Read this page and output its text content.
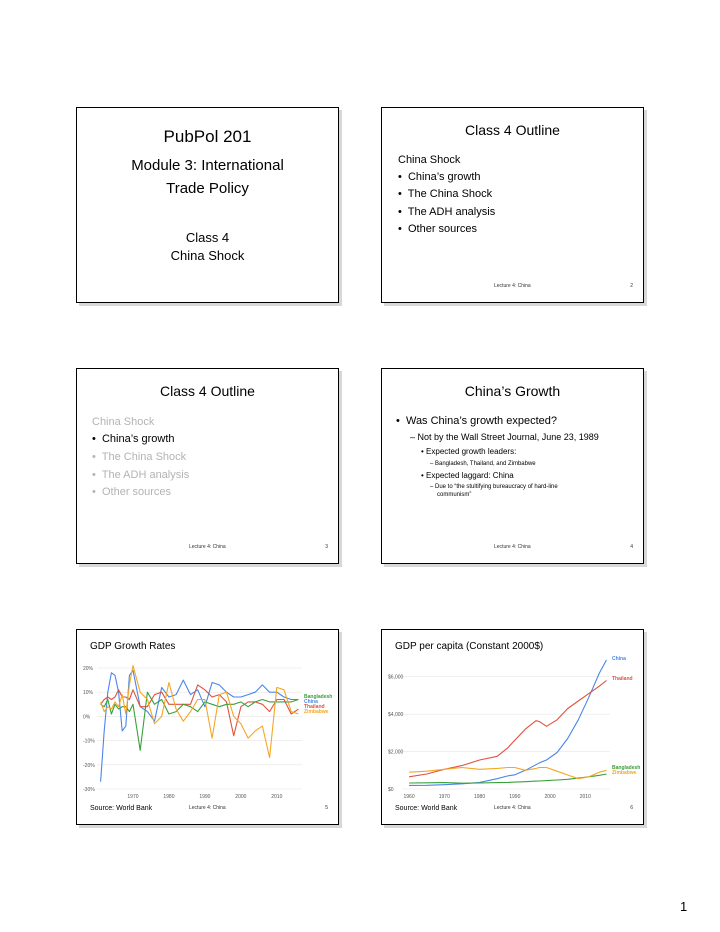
PubPol 201
Module 3: International
Trade Policy
Class 4
China Shock
Class 4 Outline
China Shock
•  China’s growth
•  The China Shock
•  The ADH analysis
•  Other sources
Lecture 4: China	2
Class 4 Outline
China Shock
•  China’s growth
•  The China Shock
•  The ADH analysis
•  Other sources
Lecture 4: China	3
China’s Growth
•  Was China’s growth expected?
– Not by the Wall Street Journal, June 23, 1989
• Expected growth leaders:
– Bangladesh, Thailand, and Zimbabwe
• Expected laggard: China
– Due to “the stultifying bureaucracy of hard-line
communism”
Lecture 4: China	4
GDP Growth Rates
20%
10%
0%
-10%
-20%
-30%
1970	1980	1990	2000	2010
Bangladesh
China
Thailand
Zimbabwe
Source: World Bank	Lecture 4: China	5
GDP per capita (Constant 2000$)
$6,000
$4,000
$2,000
$0
1960	1970	1980	1990	2000	2010
China
Thailand
Bangladesh
Zimbabwe
Source: World Bank	Lecture 4: China	6
1
